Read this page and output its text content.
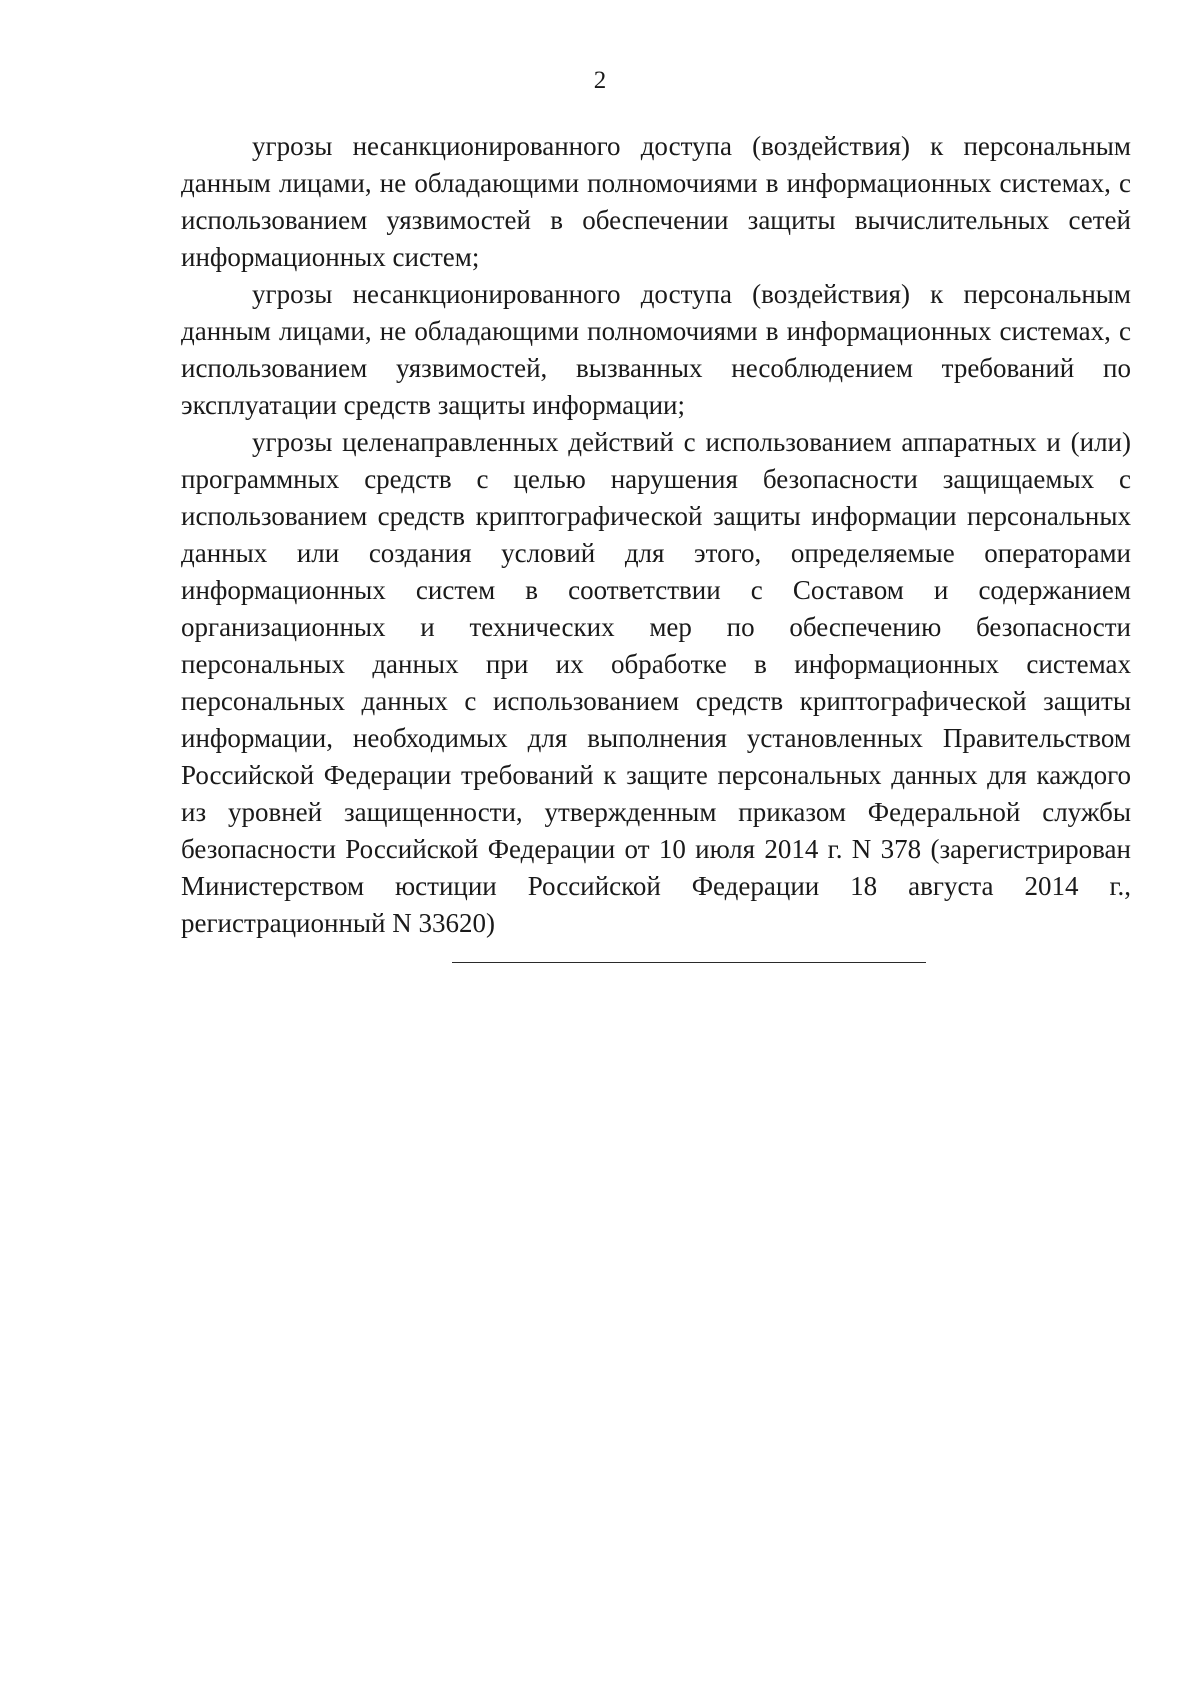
2

угрозы несанкционированного доступа (воздействия) к персональным данным лицами, не обладающими полномочиями в информационных системах, с использованием уязвимостей в обеспечении защиты вычислительных сетей информационных систем;

угрозы несанкционированного доступа (воздействия) к персональным данным лицами, не обладающими полномочиями в информационных системах, с использованием уязвимостей, вызванных несоблюдением требований по эксплуатации средств защиты информации;

угрозы целенаправленных действий с использованием аппаратных и (или) программных средств с целью нарушения безопасности защищаемых с использованием средств криптографической защиты информации персональных данных или создания условий для этого, определяемые операторами информационных систем в соответствии с Составом и содержанием организационных и технических мер по обеспечению безопасности персональных данных при их обработке в информационных системах персональных данных с использованием средств криптографической защиты информации, необходимых для выполнения установленных Правительством Российской Федерации требований к защите персональных данных для каждого из уровней защищенности, утвержденным приказом Федеральной службы безопасности Российской Федерации от 10 июля 2014 г. N 378 (зарегистрирован Министерством юстиции Российской Федерации 18 августа 2014 г., регистрационный N 33620)
